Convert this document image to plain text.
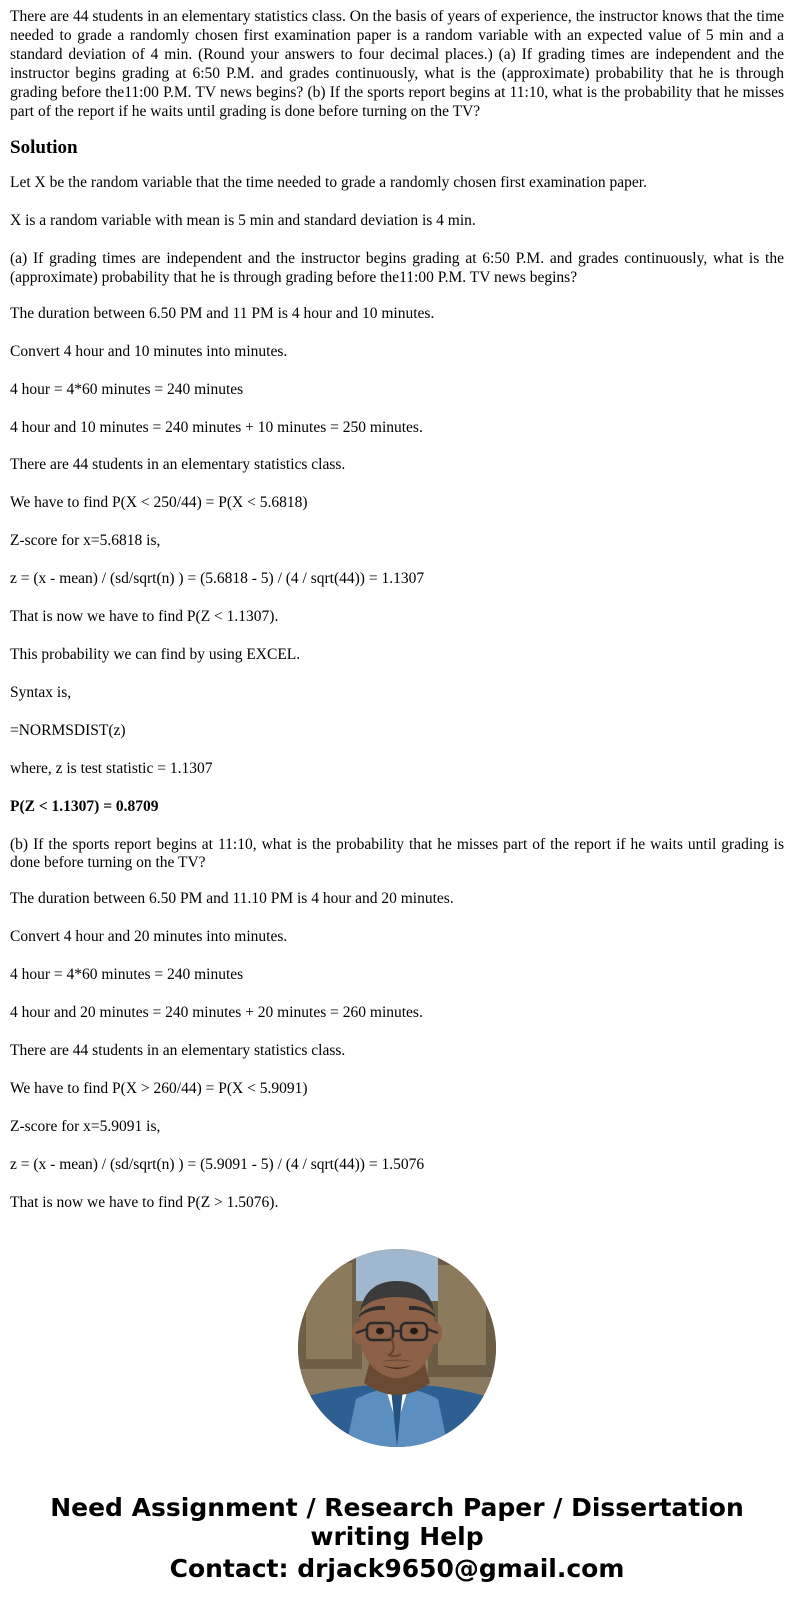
There are 44 students in an elementary statistics class. On the basis of years of experience, the instructor knows that the time needed to grade a randomly chosen first examination paper is a random variable with an expected value of 5 min and a standard deviation of 4 min. (Round your answers to four decimal places.) (a) If grading times are independent and the instructor begins grading at 6:50 P.M. and grades continuously, what is the (approximate) probability that he is through grading before the11:00 P.M. TV news begins? (b) If the sports report begins at 11:10, what is the probability that he misses part of the report if he waits until grading is done before turning on the TV?

Solution

Let X be the random variable that the time needed to grade a randomly chosen first examination paper.

X is a random variable with mean is 5 min and standard deviation is 4 min.

(a) If grading times are independent and the instructor begins grading at 6:50 P.M. and grades continuously, what is the (approximate) probability that he is through grading before the11:00 P.M. TV news begins?

The duration between 6.50 PM and 11 PM is 4 hour and 10 minutes.

Convert 4 hour and 10 minutes into minutes.

4 hour = 4*60 minutes = 240 minutes

4 hour and 10 minutes = 240 minutes + 10 minutes = 250 minutes.

There are 44 students in an elementary statistics class.

We have to find P(X < 250/44) = P(X < 5.6818)

Z-score for x=5.6818 is,

z = (x - mean) / (sd/sqrt(n) ) = (5.6818 - 5) / (4 / sqrt(44)) = 1.1307

That is now we have to find P(Z < 1.1307).

This probability we can find by using EXCEL.

Syntax is,

=NORMSDIST(z)

where, z is test statistic = 1.1307

P(Z < 1.1307) = 0.8709

(b) If the sports report begins at 11:10, what is the probability that he misses part of the report if he waits until grading is done before turning on the TV?

The duration between 6.50 PM and 11.10 PM is 4 hour and 20 minutes.

Convert 4 hour and 20 minutes into minutes.

4 hour = 4*60 minutes = 240 minutes

4 hour and 20 minutes = 240 minutes + 20 minutes = 260 minutes.

There are 44 students in an elementary statistics class.

We have to find P(X > 260/44) = P(X < 5.9091)

Z-score for x=5.9091 is,

z = (x - mean) / (sd/sqrt(n) ) = (5.9091 - 5) / (4 / sqrt(44)) = 1.5076

That is now we have to find P(Z > 1.5076).

Need Assignment / Research Paper / Dissertation
writing Help
Contact: drjack9650@gmail.com
